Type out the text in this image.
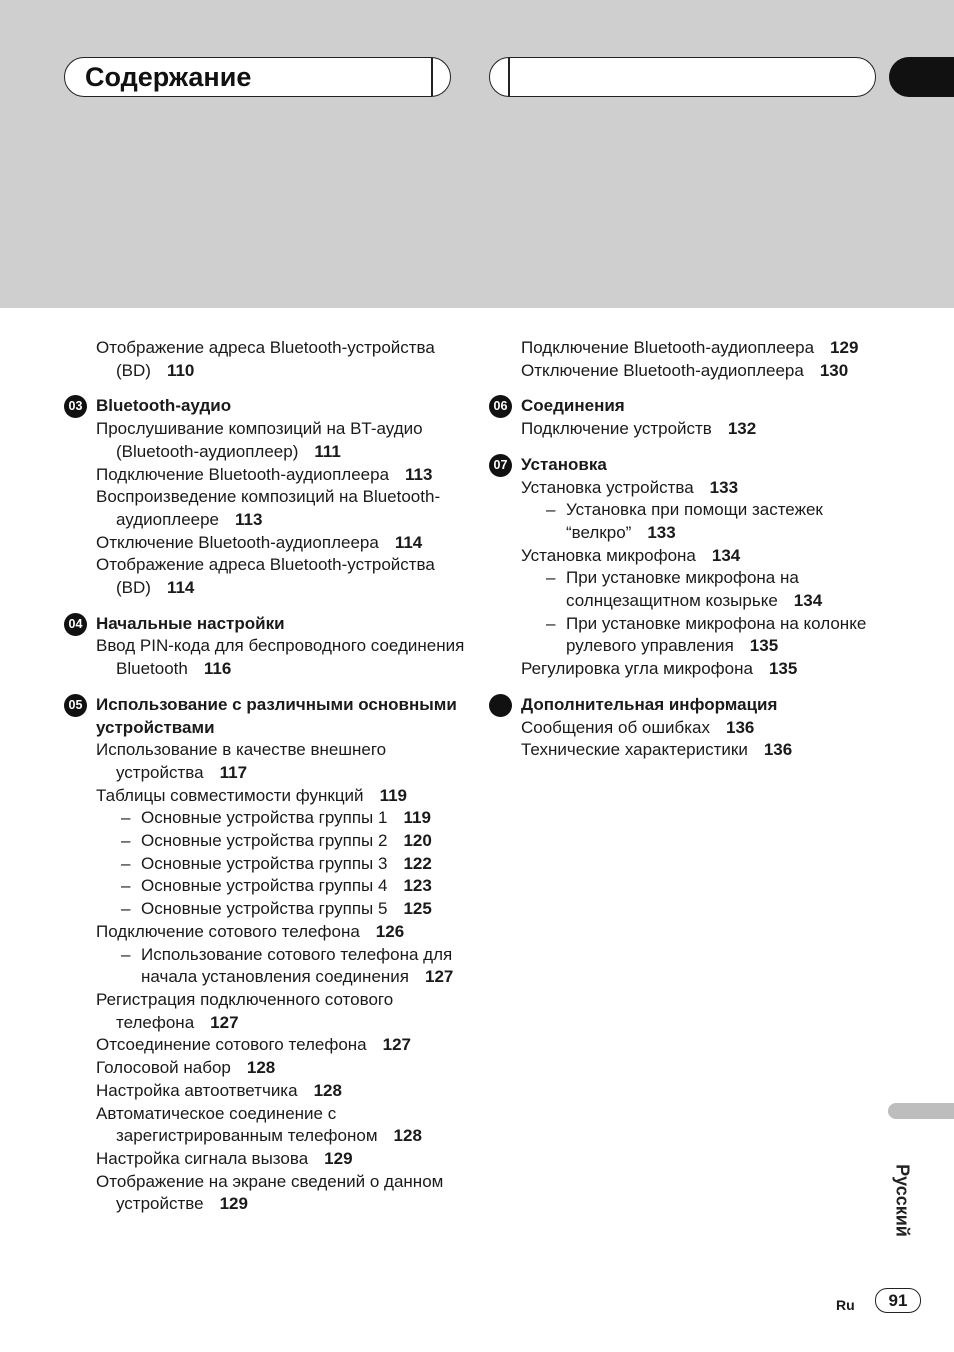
Содержание
Отображение адреса Bluetooth-устройства (BD) 110
03 Bluetooth-аудио
Прослушивание композиций на BT-аудио (Bluetooth-аудиоплеер) 111
Подключение Bluetooth-аудиоплеера 113
Воспроизведение композиций на Bluetooth-аудиоплеере 113
Отключение Bluetooth-аудиоплеера 114
Отображение адреса Bluetooth-устройства (BD) 114
04 Начальные настройки
Ввод PIN-кода для беспроводного соединения Bluetooth 116
05 Использование с различными основными устройствами
Использование в качестве внешнего устройства 117
Таблицы совместимости функций 119
– Основные устройства группы 1 119
– Основные устройства группы 2 120
– Основные устройства группы 3 122
– Основные устройства группы 4 123
– Основные устройства группы 5 125
Подключение сотового телефона 126
– Использование сотового телефона для начала установления соединения 127
Регистрация подключенного сотового телефона 127
Отсоединение сотового телефона 127
Голосовой набор 128
Настройка автоответчика 128
Автоматическое соединение с зарегистрированным телефоном 128
Настройка сигнала вызова 129
Отображение на экране сведений о данном устройстве 129
Подключение Bluetooth-аудиоплеера 129
Отключение Bluetooth-аудиоплеера 130
06 Соединения
Подключение устройств 132
07 Установка
Установка устройства 133
– Установка при помощи застежек “велкро” 133
Установка микрофона 134
– При установке микрофона на солнцезащитном козырьке 134
– При установке микрофона на колонке рулевого управления 135
Регулировка угла микрофона 135
Дополнительная информация
Сообщения об ошибках 136
Технические характеристики 136
Русский
Ru	91
